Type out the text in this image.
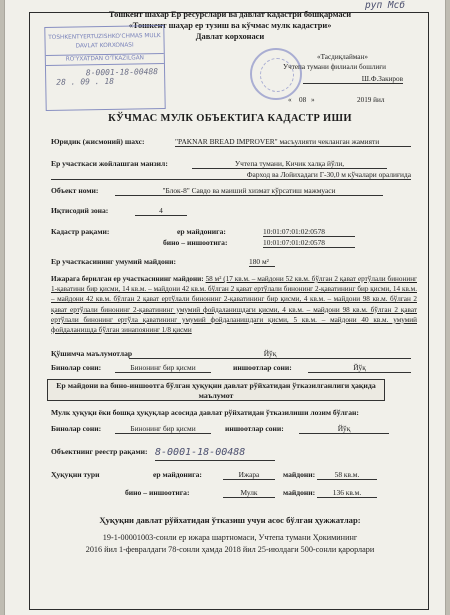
руп Мсб
Тошкент шахар Ер ресурслари ва давлат кадастри бошқармаси
«Тошкент шаҳар ер тузиш ва кўчмас мулк кадастри»
Давлат корхонаси
TOSHKENTYERTUZISHKO'CHMAS MULK
DAVLAT KORXONASI
RO'YXATDAN O'TKAZILGAN
8-0001-18-00488
28 . 09 . 18
«Тасдиқлайман»
Учтепа тумани филиали бошлиғи
Ш.Ф.Закиров
« 08 »	2019 йил
КЎЧМАС МУЛК ОБЪЕКТИГА КАДАСТР ИШИ
Юридик (жисмоний) шахс:	"PAKNAR BREAD IMPROVER" масъулияти чекланган жамияти
Ер участкаси жойлашган манзил:	Учтепа тумани, Кичик халқа йўли,
Фарход ва Лойихадаги Г-30,0 м кўчалари оралиғида
Объект номи:	"Блок-8" Савдо ва маиший хизмат кўрсатиш мажмуаси
Иқтисодий зона:	4
Кадастр рақами:	ер майдонига:	10:01:07:01:02:0578
бино – иншоотига:	10:01:07:01:02:0578
Ер участкасининг умумий майдони:	180 м²
Ижарага берилган ер участкасининг майдони: 58 м² (17 кв.м. – майдони 52 кв.м. бўлган 2 қават ертўлали бинонинг 1-қаватини бир қисми, 14 кв.м. – майдони 42 кв.м. бўлган 2 қават ертўлали бинонинг 2-қаватининг бир қисми, 14 кв.м. – майдони 42 кв.м. бўлган 2 қават ертўлали бинонинг 2-қаватининг бир қисми, 4 кв.м. – майдони 98 кв.м. бўлган 2 қават ертўлали бинонинг 2-қаватининг умумий фойдаланишдаги қисми, 4 кв.м. – майдони 98 кв.м. бўлган 2 қават ертўлали бинонинг ертўла қаватининг умумий фойдаланишдаги қисми, 5 кв.м. – майдони 40 кв.м. умумий фойдаланишда бўлган зинапоянинг 1/8 қисми
Қўшимча маълумотлар	Йўқ
Бинолар сони:	Бинонинг бир қисми	иншоотлар сони:	Йўқ
Ер майдони ва бино-иншоотга бўлган ҳуқуқни давлат рўйхатидан ўтказилганлиги ҳақида маълумот
Мулк ҳуқуқи ёки бошқа ҳуқуқлар асосида давлат рўйхатидан ўтказилиши лозим бўлган:
Бинолар сони:	Бинонинг бир қисми	иншоотлар сони:	Йўқ
Объектнинг реестр рақами: 8-0001-18-00488
Ҳуқуқни тури	ер майдонига:	Ижара	майдони:	58 кв.м.
бино – иншоотига:	Мулк	майдони:	136 кв.м.
Ҳуқуқни давлат рўйхатидан ўтказиш учун асос бўлган ҳужжатлар:
19-1-00001003-сонли ер ижара шартномаси, Учтепа тумани Ҳокимининг
2016 йил 1-февралдаги 78-сонли ҳамда 2018 йил 25-июлдаги 500-сонли қарорлари
